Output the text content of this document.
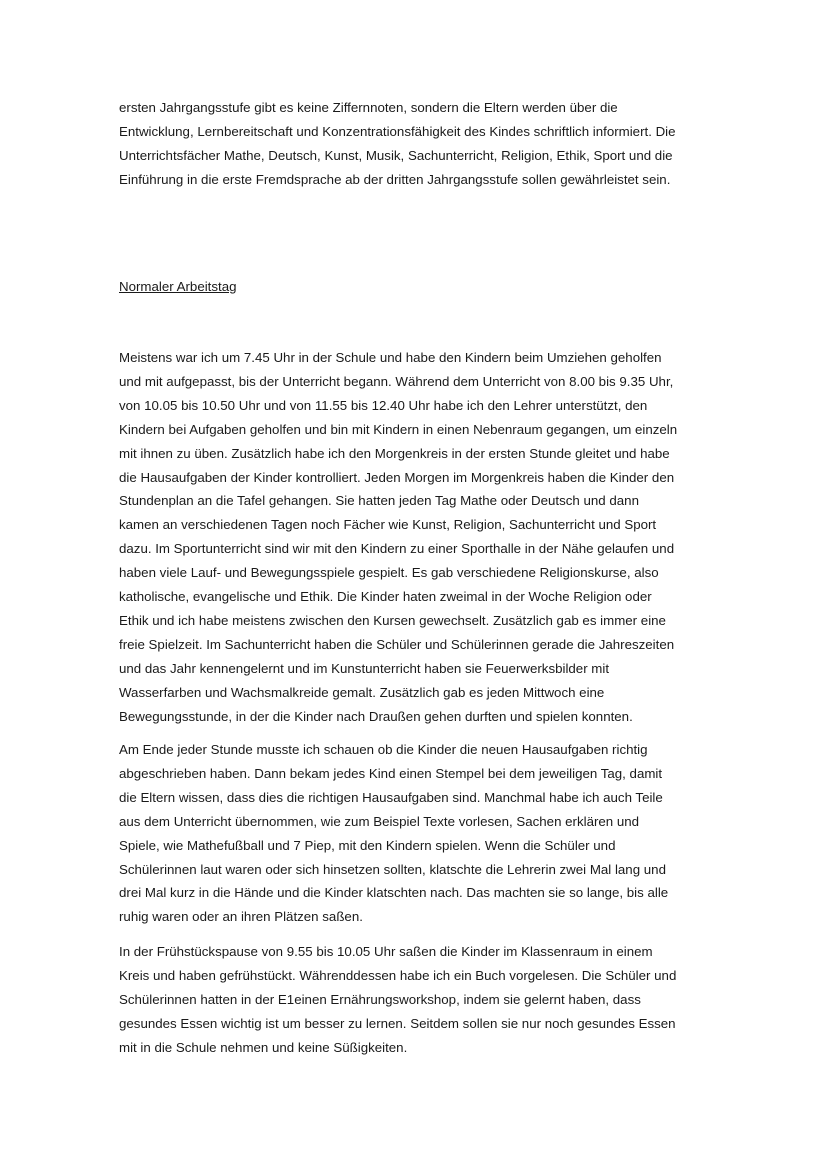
ersten Jahrgangsstufe gibt es keine Ziffernnoten, sondern die Eltern werden über die
Entwicklung, Lernbereitschaft und Konzentrationsfähigkeit des Kindes schriftlich informiert. Die
Unterrichtsfächer Mathe, Deutsch, Kunst, Musik, Sachunterricht, Religion, Ethik, Sport und die
Einführung in die erste Fremdsprache ab der dritten Jahrgangsstufe sollen gewährleistet sein.

Normaler Arbeitstag

Meistens war ich um 7.45 Uhr in der Schule und habe den Kindern beim Umziehen geholfen
und mit aufgepasst, bis der Unterricht begann. Während dem Unterricht von 8.00 bis 9.35 Uhr,
von 10.05 bis 10.50 Uhr und von 11.55 bis 12.40 Uhr habe ich den Lehrer unterstützt, den
Kindern bei Aufgaben geholfen und bin mit Kindern in einen Nebenraum gegangen, um einzeln
mit ihnen zu üben. Zusätzlich habe ich den Morgenkreis in der ersten Stunde gleitet und habe
die Hausaufgaben der Kinder kontrolliert. Jeden Morgen im Morgenkreis haben die Kinder den
Stundenplan an die Tafel gehangen. Sie hatten jeden Tag Mathe oder Deutsch und dann
kamen an verschiedenen Tagen noch Fächer wie Kunst, Religion, Sachunterricht und Sport
dazu. Im Sportunterricht sind wir mit den Kindern zu einer Sporthalle in der Nähe gelaufen und
haben viele Lauf- und Bewegungsspiele gespielt. Es gab verschiedene Religionskurse, also
katholische, evangelische und Ethik. Die Kinder haten zweimal in der Woche Religion oder
Ethik und ich habe meistens zwischen den Kursen gewechselt. Zusätzlich gab es immer eine
freie Spielzeit. Im Sachunterricht haben die Schüler und Schülerinnen gerade die Jahreszeiten
und das Jahr kennengelernt und im Kunstunterricht haben sie Feuerwerksbilder mit
Wasserfarben und Wachsmalkreide gemalt. Zusätzlich gab es jeden Mittwoch eine
Bewegungsstunde, in der die Kinder nach Draußen gehen durften und spielen konnten.

Am Ende jeder Stunde musste ich schauen ob die Kinder die neuen Hausaufgaben richtig
abgeschrieben haben. Dann bekam jedes Kind einen Stempel bei dem jeweiligen Tag, damit
die Eltern wissen, dass dies die richtigen Hausaufgaben sind. Manchmal habe ich auch Teile
aus dem Unterricht übernommen, wie zum Beispiel Texte vorlesen, Sachen erklären und
Spiele, wie Mathefußball und 7 Piep, mit den Kindern spielen. Wenn die Schüler und
Schülerinnen laut waren oder sich hinsetzen sollten, klatschte die Lehrerin zwei Mal lang und
drei Mal kurz in die Hände und die Kinder klatschten nach. Das machten sie so lange, bis alle
ruhig waren oder an ihren Plätzen saßen.

In der Frühstückspause von 9.55 bis 10.05 Uhr saßen die Kinder im Klassenraum in einem
Kreis und haben gefrühstückt. Währenddessen habe ich ein Buch vorgelesen. Die Schüler und
Schülerinnen hatten in der E1einen Ernährungsworkshop, indem sie gelernt haben, dass
gesundes Essen wichtig ist um besser zu lernen. Seitdem sollen sie nur noch gesundes Essen
mit in die Schule nehmen und keine Süßigkeiten.
